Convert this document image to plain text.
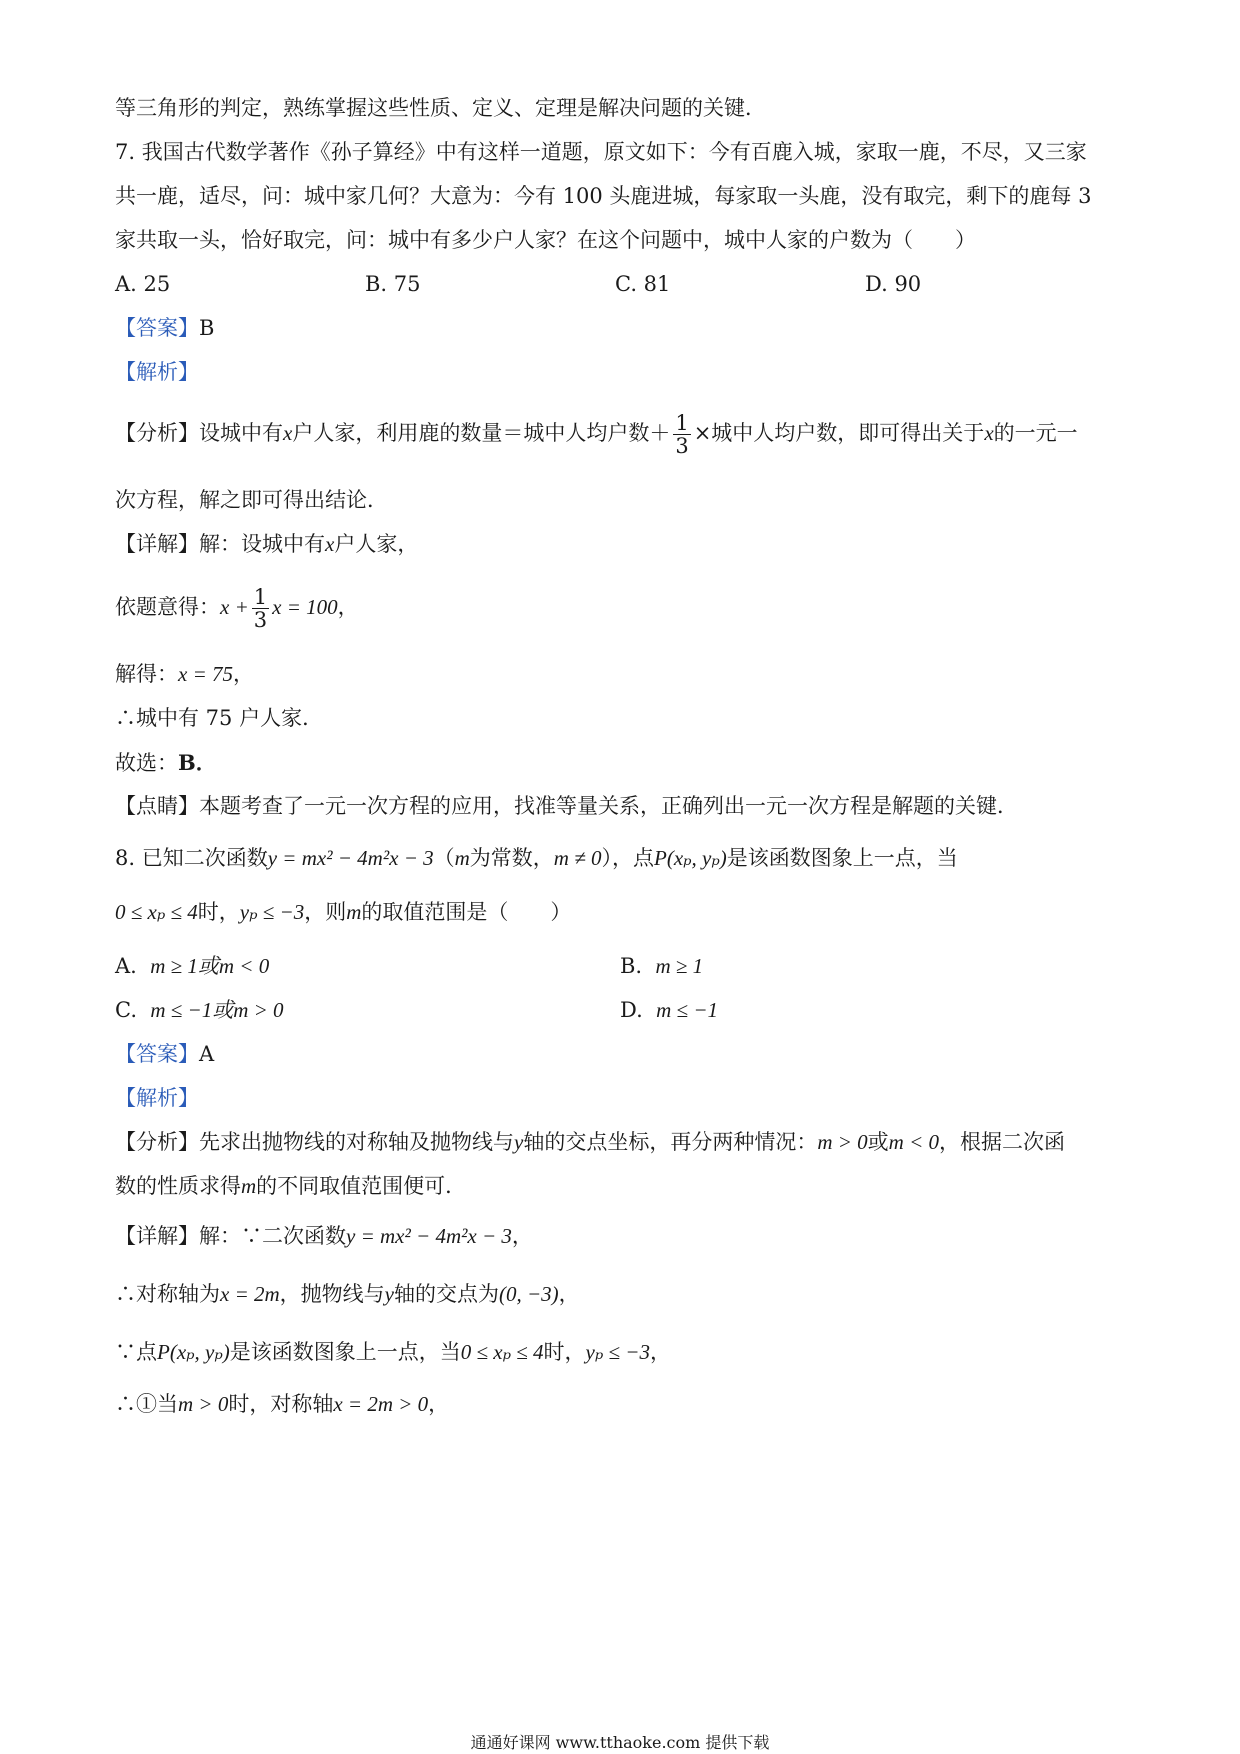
等三角形的判定，熟练掌握这些性质、定义、定理是解决问题的关键．
7. 我国古代数学著作《孙子算经》中有这样一道题，原文如下：今有百鹿入城，家取一鹿，不尽，又三家
共一鹿，适尽，问：城中家几何？大意为：今有 100 头鹿进城，每家取一头鹿，没有取完，剩下的鹿每 3
家共取一头，恰好取完，问：城中有多少户人家？在这个问题中，城中人家的户数为（　　）
A. 25	B. 75	C. 81	D. 90
【答案】B
【解析】
【分析】设城中有x户人家，利用鹿的数量＝城中人均户数＋ $\frac{1}{3}$ ×城中人均户数，即可得出关于x的一元一
次方程，解之即可得出结论．
【详解】解：设城中有x户人家，
依题意得：$x + \frac{1}{3}$ x = 100，
解得：x = 75，
∴城中有 75 户人家．
故选：B．
【点睛】本题考查了一元一次方程的应用，找准等量关系，正确列出一元一次方程是解题的关键．
8. 已知二次函数y = mx² − 4m²x − 3（m为常数，m ≠ 0），点P(xₚ, yₚ)是该函数图象上一点，当
0 ≤ xₚ ≤ 4时，yₚ ≤ −3，则m的取值范围是（　　）
A. m ≥ 1或m < 0	B. m ≥ 1
C. m ≤ −1或m > 0	D. m ≤ −1
【答案】A
【解析】
【分析】先求出抛物线的对称轴及抛物线与y轴的交点坐标，再分两种情况：m > 0或m < 0，根据二次函
数的性质求得m的不同取值范围便可．
【详解】解：∵二次函数y = mx² − 4m²x − 3，
∴对称轴为x = 2m，抛物线与y轴的交点为(0, −3)，
∵点P(xₚ, yₚ)是该函数图象上一点，当0 ≤ xₚ ≤ 4时，yₚ ≤ −3，
∴①当m > 0时，对称轴x = 2m > 0，
通通好课网 www.tthaoke.com 提供下载
